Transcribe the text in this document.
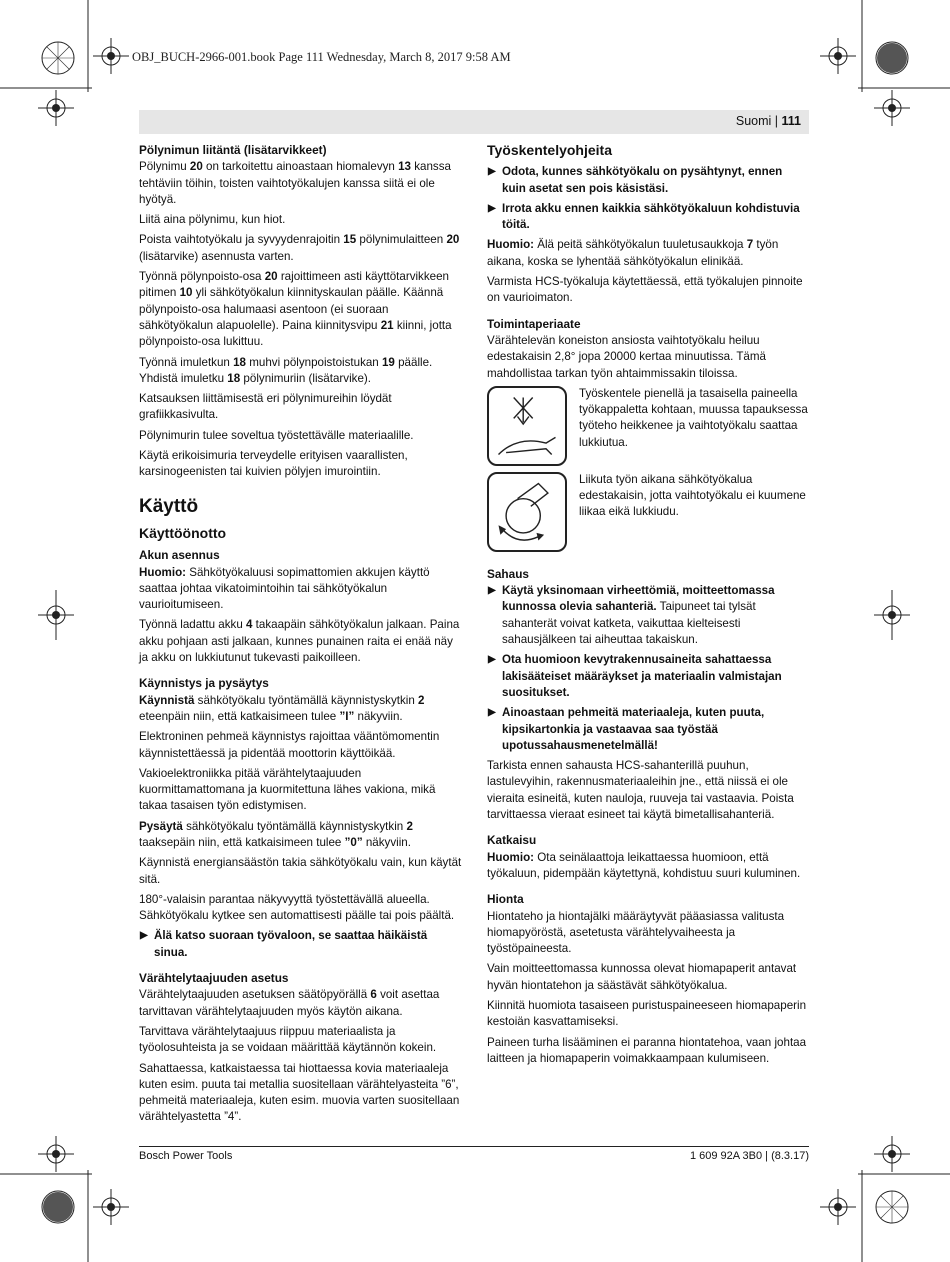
OBJ_BUCH-2966-001.book Page 111 Wednesday, March 8, 2017 9:58 AM
Suomi | 111
Pölynimun liitäntä (lisätarvikkeet)

Pölynimu 20 on tarkoitettu ainoastaan hiomalevyn 13 kanssa tehtäviin töihin, toisten vaihtotyökalujen kanssa siitä ei ole hyötyä.

Liitä aina pölynimu, kun hiot.

Poista vaihtotyökalu ja syvyydenrajoitin 15 pölynimulaitteen 20 (lisätarvike) asennusta varten.

Työnnä pölynpoisto-osa 20 rajoittimeen asti käyttötarvikkeen pitimen 10 yli sähkötyökalun kiinnityskaulan päälle. Käännä pölynpoisto-osa halumaasi asentoon (ei suoraan sähkötyökalun alapuolelle). Paina kiinnitysvipu 21 kiinni, jotta pölynpoisto-osa lukittuu.

Työnnä imuletkun 18 muhvi pölynpoistoistukan 19 päälle. Yhdistä imuletku 18 pölynimuriin (lisätarvike).

Katsauksen liittämisestä eri pölynimureihin löydät grafiikkasivulta.

Pölynimurin tulee soveltua työstettävälle materiaalille.

Käytä erikoisimuria terveydelle erityisen vaarallisten, karsinogeenisten tai kuivien pölyjen imurointiin.

Käyttö
Käyttöönotto
Akun asennus

Huomio: Sähkötyökaluusi sopimattomien akkujen käyttö saattaa johtaa vikatoimintoihin tai sähkötyökalun vaurioitumiseen.

Työnnä ladattu akku 4 takaapäin sähkötyökalun jalkaan. Paina akku pohjaan asti jalkaan, kunnes punainen raita ei enää näy ja akku on lukkiutunut tukevasti paikoilleen.

Käynnistys ja pysäytys

Käynnistä sähkötyökalu työntämällä käynnistyskytkin 2 eteenpäin niin, että katkaisimeen tulee ”I” näkyviin.

Elektroninen pehmeä käynnistys rajoittaa vääntömomentin käynnistettäessä ja pidentää moottorin käyttöikää.

Vakioelektroniikka pitää värähtelytaajuuden kuormittamattomana ja kuormitettuna lähes vakiona, mikä takaa tasaisen työn edistymisen.

Pysäytä sähkötyökalu työntämällä käynnistyskytkin 2 taaksepäin niin, että katkaisimeen tulee ”0” näkyviin.

Käynnistä energiansäästön takia sähkötyökalu vain, kun käytät sitä.

180°-valaisin parantaa näkyvyyttä työstettävällä alueella. Sähkötyökalu kytkee sen automattisesti päälle tai pois päältä.

▶ Älä katso suoraan työvaloon, se saattaa häikäistä sinua.
Värähtelytaajuuden asetus

Värähtelytaajuuden asetuksen säätöpyörällä 6 voit asettaa tarvittavan värähtelytaajuuden myös käytön aikana.

Tarvittava värähtelytaajuus riippuu materiaalista ja työolosuhteista ja se voidaan määrittää käytännön kokein.

Sahattaessa, katkaistaessa tai hiottaessa kovia materiaaleja kuten esim. puuta tai metallia suositellaan värähtelyasteita ”6”, pehmeitä materiaaleja, kuten esim. muovia varten suositellaan värähtelyastetta ”4”.

Työskentelyohjeita
▶ Odota, kunnes sähkötyökalu on pysähtynyt, ennen kuin asetat sen pois käsistäsi.
▶ Irrota akku ennen kaikkia sähkötyökaluun kohdistuvia töitä.

Huomio: Älä peitä sähkötyökalun tuuletusaukkoja 7 työn aikana, koska se lyhentää sähkötyökalun elinikää.

Varmista HCS-työkaluja käytettäessä, että työkalujen pinnoite on vaurioimaton.

Toimintaperiaate

Värähtelevän koneiston ansiosta vaihtotyökalu heiluu edestakaisin 2,8° jopa 20000 kertaa minuutissa. Tämä mahdollistaa tarkan työn ahtaimmissakin tiloissa.

Työskentele pienellä ja tasaisella paineella työkappaletta kohtaan, muussa tapauksessa työteho heikkenee ja vaihtotyökalu saattaa lukkiutua.
Liikuta työn aikana sähkötyökalua edestakaisin, jotta vaihtotyökalu ei kuumene liikaa eikä lukkiudu.
Sahaus
▶ Käytä yksinomaan virheettömiä, moitteettomassa kunnossa olevia sahanteriä. Taipuneet tai tylsät sahanterät voivat katketa, vaikuttaa kielteisesti sahausjälkeen tai aiheuttaa takaiskun.
▶ Ota huomioon kevytrakennusaineita sahattaessa lakisääteiset määräykset ja materiaalin valmistajan suositukset.
▶ Ainoastaan pehmeitä materiaaleja, kuten puuta, kipsikartonkia ja vastaavaa saa työstää upotussahausmenetelmällä!

Tarkista ennen sahausta HCS-sahanterillä puuhun, lastulevyihin, rakennusmateriaaleihin jne., että niissä ei ole vieraita esineitä, kuten nauloja, ruuveja tai vastaavia. Poista tarvittaessa vieraat esineet tai käytä bimetallisahanteriä.

Katkaisu

Huomio: Ota seinälaattoja leikattaessa huomioon, että työkaluun, pidempään käytettynä, kohdistuu suuri kuluminen.

Hionta

Hiontateho ja hiontajälki määräytyvät pääasiassa valitusta hiomapyöröstä, asetetusta värähtelyvaiheesta ja työstöpaineesta.

Vain moitteettomassa kunnossa olevat hiomapaperit antavat hyvän hiontatehon ja säästävät sähkötyökalua.

Kiinnitä huomiota tasaiseen puristuspaineeseen hiomapaperin kestoiän kasvattamiseksi.

Paineen turha lisääminen ei paranna hiontatehoa, vaan johtaa laitteen ja hiomapaperin voimakkaampaan kulumiseen.

Bosch Power Tools	1 609 92A 3B0 | (8.3.17)
